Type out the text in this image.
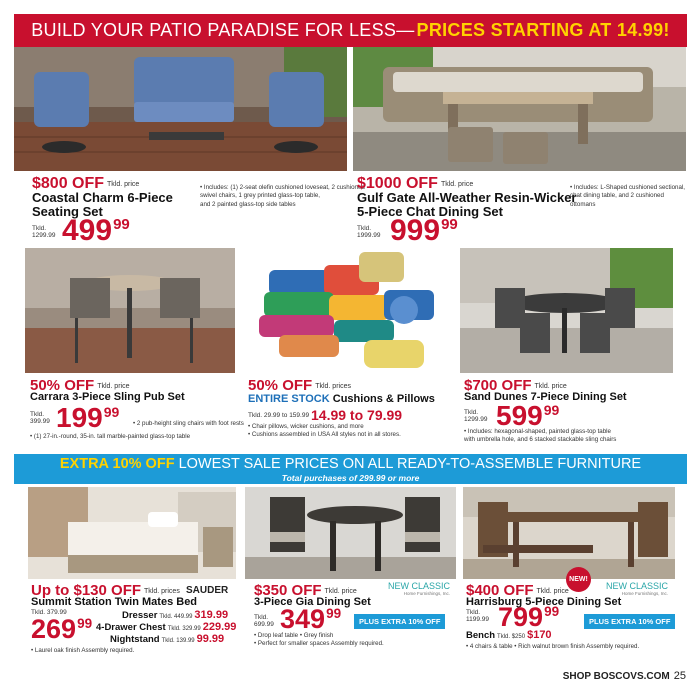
BUILD YOUR PATIO PARADISE FOR LESS— PRICES STARTING AT 14.99!
$800 OFF Tkld. price
Coastal Charm 6-Piece
Seating Set
Tkld.
1299.99 $499^{99}$
• Includes: (1) 2-seat olefin cushioned loveseat, 2 cushioned
swivel chairs, 1 grey printed glass-top table,
and 2 painted glass-top side tables
$1000 OFF Tkld. price
Gulf Gate All-Weather Resin-Wicker
5-Piece Chat Dining Set
Tkld.
1999.99 $999^{99}$
• Includes: L-Shaped cushioned sectional,
chat dining table, and 2 cushioned
ottomans
50% OFF Tkld. price
Carrara 3-Piece Sling Pub Set
Tkld.
399.99 $199^{99}$
• 2 pub-height sling chairs with foot rests
• (1) 27-in.-round, 35-in. tall marble-painted glass-top table
50% OFF Tkld. prices
ENTIRE STOCK Cushions & Pillows
Tkld. 29.99 to 159.99 14.99 to 79.99
• Chair pillows, wicker cushions, and more
• Cushions assembled in USA All styles not in all stores.
$700 OFF Tkld. price
Sand Dunes 7-Piece Dining Set
Tkld.
1299.99 $599^{99}$
• Includes: hexagonal-shaped, painted glass-top table
with umbrella hole, and 6 stacked stackable sling chairs
EXTRA 10% OFF LOWEST SALE PRICES ON ALL READY-TO-ASSEMBLE FURNITURE
Total purchases of 299.99 or more
Up to $130 OFF Tkld. prices SAUDER
Summit Station Twin Mates Bed
Tkld. 379.99
$269^{99}$
Dresser Tkld. 449.99 319.99
4-Drawer Chest Tkld. 329.99 229.99
Nightstand Tkld. 139.99 99.99
• Laurel oak finish Assembly required.
NEW CLASSIC
Home Furnishings, Inc.
$350 OFF Tkld. price
3-Piece Gia Dining Set
Tkld.
699.99 $349^{99}$
PLUS EXTRA 10% OFF
• Drop leaf table • Grey finish
• Perfect for smaller spaces Assembly required.
NEW!
NEW CLASSIC
Home Furnishings, Inc.
$400 OFF Tkld. price
Harrisburg 5-Piece Dining Set
Tkld.
1199.99 $799^{99}$
PLUS EXTRA 10% OFF
Bench Tkld. $250 $170
• 4 chairs & table • Rich walnut brown finish Assembly required.
SHOP BOSCOVS.COM 25
